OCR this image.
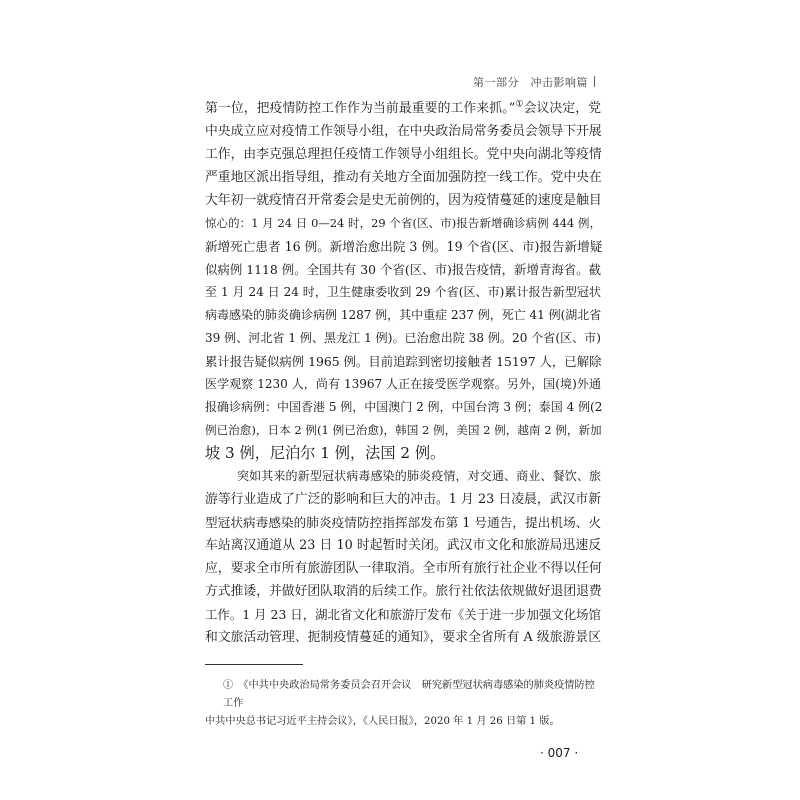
第一部分　冲击影响篇
第一位，把疫情防控工作作为当前最重要的工作来抓。”①会议决定，党
中央成立应对疫情工作领导小组，在中央政治局常务委员会领导下开展
工作，由李克强总理担任疫情工作领导小组组长。党中央向湖北等疫情
严重地区派出指导组，推动有关地方全面加强防控一线工作。党中央在
大年初一就疫情召开常委会是史无前例的，因为疫情蔓延的速度是触目
惊心的：1 月 24 日 0—24 时，29 个省(区、市)报告新增确诊病例 444 例，
新增死亡患者 16 例。新增治愈出院 3 例。19 个省(区、市)报告新增疑
似病例 1118 例。全国共有 30 个省(区、市)报告疫情，新增青海省。截
至 1 月 24 日 24 时，卫生健康委收到 29 个省(区、市)累计报告新型冠状
病毒感染的肺炎确诊病例 1287 例，其中重症 237 例，死亡 41 例(湖北省
39 例、河北省 1 例、黑龙江 1 例)。已治愈出院 38 例。20 个省(区、市)
累计报告疑似病例 1965 例。目前追踪到密切接触者 15197 人，已解除
医学观察 1230 人，尚有 13967 人正在接受医学观察。另外，国(境)外通
报确诊病例：中国香港 5 例，中国澳门 2 例，中国台湾 3 例；泰国 4 例(2
例已治愈)，日本 2 例(1 例已治愈)，韩国 2 例，美国 2 例，越南 2 例，新加
坡 3 例，尼泊尔 1 例，法国 2 例。
突如其来的新型冠状病毒感染的肺炎疫情，对交通、商业、餐饮、旅
游等行业造成了广泛的影响和巨大的冲击。1 月 23 日凌晨，武汉市新
型冠状病毒感染的肺炎疫情防控指挥部发布第 1 号通告，提出机场、火
车站离汉通道从 23 日 10 时起暂时关闭。武汉市文化和旅游局迅速反
应，要求全市所有旅游团队一律取消。全市所有旅行社企业不得以任何
方式推诿，并做好团队取消的后续工作。旅行社依法依规做好退团退费
工作。1 月 23 日，湖北省文化和旅游厅发布《关于进一步加强文化场馆
和文旅活动管理、扼制疫情蔓延的通知》，要求全省所有 A 级旅游景区
①　《中共中央政治局常务委员会召开会议　研究新型冠状病毒感染的肺炎疫情防控工作
中共中央总书记习近平主持会议》，《人民日报》，2020 年 1 月 26 日第 1 版。
· 007 ·
